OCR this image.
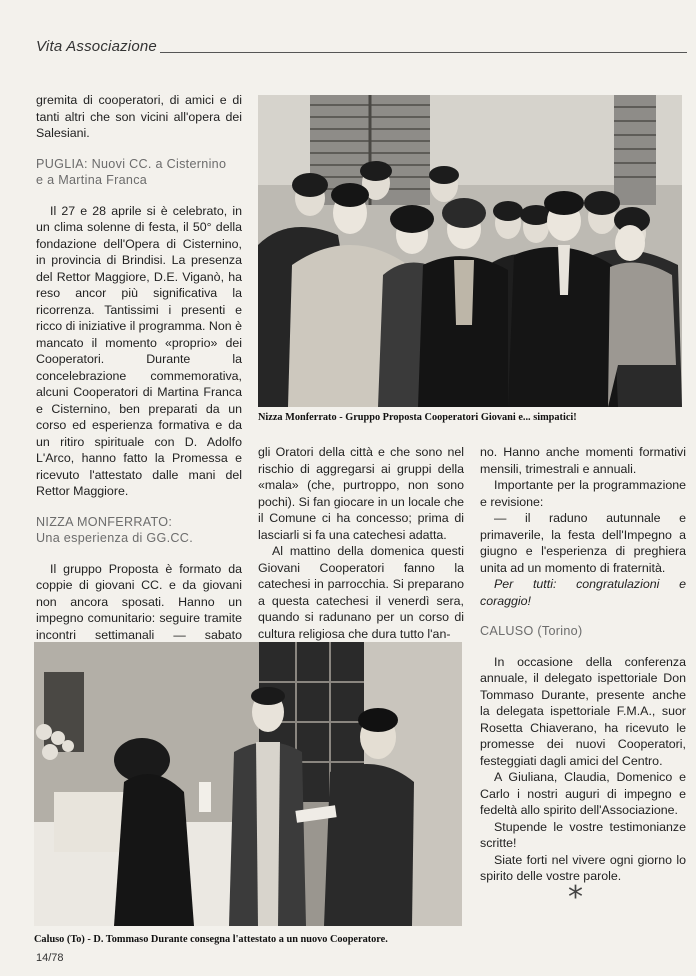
Vita Associazione

gremita di cooperatori, di amici e di tanti altri che son vicini all'opera dei Salesiani.

PUGLIA: Nuovi CC. a Cisternino
e a Martina Franca

Il 27 e 28 aprile si è celebrato, in un clima solenne di festa, il 50° della fondazione dell'Opera di Cisternino, in provincia di Brindisi. La presenza del Rettor Maggiore, D.E. Viganò, ha reso ancor più significativa la ricorrenza. Tantissimi i presenti e ricco di iniziative il programma. Non è mancato il momento «proprio» dei Cooperatori. Durante la concelebrazione commemorativa, alcuni Cooperatori di Martina Franca e Cisternino, ben preparati da un corso ed esperienza formativa e da un ritiro spirituale con D. Adolfo L'Arco, hanno fatto la Promessa e ricevuto l'attestato dalle mani del Rettor Maggiore.

NIZZA MONFERRATO:
Una esperienza di GG.CC.

Il gruppo Proposta è formato da coppie di giovani CC. e da giovani non ancora sposati. Hanno un impegno comunitario: seguire tramite incontri settimanali — sabato

Nizza Monferrato - Gruppo Proposta Cooperatori Giovani e... simpatici!

gli Oratori della città e che sono nel rischio di aggregarsi ai gruppi della «mala» (che, purtroppo, non sono pochi). Si fan giocare in un locale che il Comune ci ha concesso; prima di lasciarli si fa una catechesi adatta.

Al mattino della domenica questi Giovani Cooperatori fanno la catechesi in parrocchia. Si preparano a questa catechesi il venerdì sera, quando si radunano per un corso di cultura religiosa che dura tutto l'an-

no. Hanno anche momenti formativi mensili, trimestrali e annuali.

Importante per la programmazione e revisione:

— il raduno autunnale e primaverile, la festa dell'Impegno a giugno e l'esperienza di preghiera unita ad un momento di fraternità.

Per tutti: congratulazioni e coraggio!

CALUSO (Torino)

In occasione della conferenza annuale, il delegato ispettoriale Don Tommaso Durante, presente anche la delegata ispettoriale F.M.A., suor Rosetta Chiaverano, ha ricevuto le promesse dei nuovi Cooperatori, festeggiati dagli amici del Centro.

A Giuliana, Claudia, Domenico e Carlo i nostri auguri di impegno e fedeltà allo spirito dell'Associazione.

Stupende le vostre testimonianze scritte!

Siate forti nel vivere ogni giorno lo spirito delle vostre parole.

*
Caluso (To) - D. Tommaso Durante consegna l'attestato a un nuovo Cooperatore.
14/78
